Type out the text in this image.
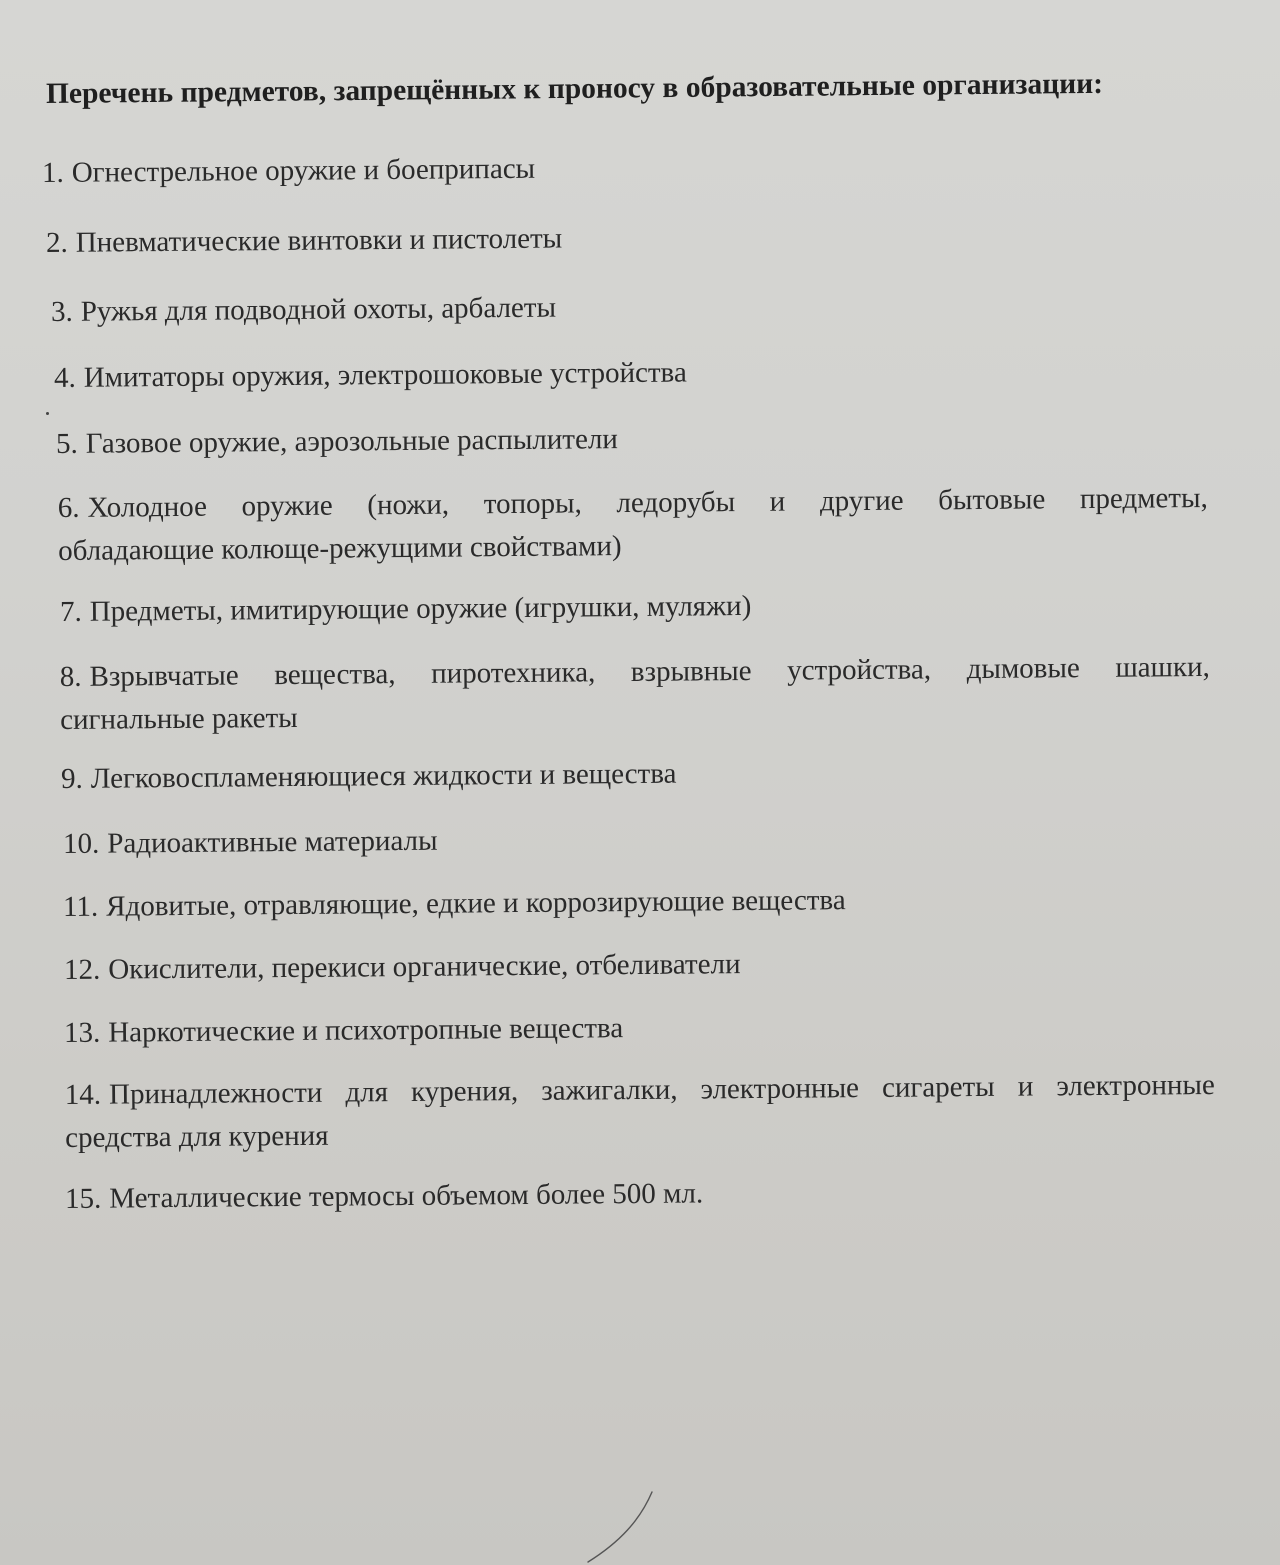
Перечень предметов, запрещённых к проносу в образовательные организации:
1. Огнестрельное оружие и боеприпасы
2. Пневматические винтовки и пистолеты
3. Ружья для подводной охоты, арбалеты
4. Имитаторы оружия, электрошоковые устройства
5. Газовое оружие, аэрозольные распылители
6. Холодное оружие (ножи, топоры, ледорубы и другие бытовые предметы,
обладающие колюще-режущими свойствами)
7. Предметы, имитирующие оружие (игрушки, муляжи)
8. Взрывчатые вещества, пиротехника, взрывные устройства, дымовые шашки,
сигнальные ракеты
9. Легковоспламеняющиеся жидкости и вещества
10. Радиоактивные материалы
11. Ядовитые, отравляющие, едкие и коррозирующие вещества
12. Окислители, перекиси органические, отбеливатели
13. Наркотические и психотропные вещества
14. Принадлежности для курения, зажигалки, электронные сигареты и электронные
средства для курения
15. Металлические термосы объемом более 500 мл.
